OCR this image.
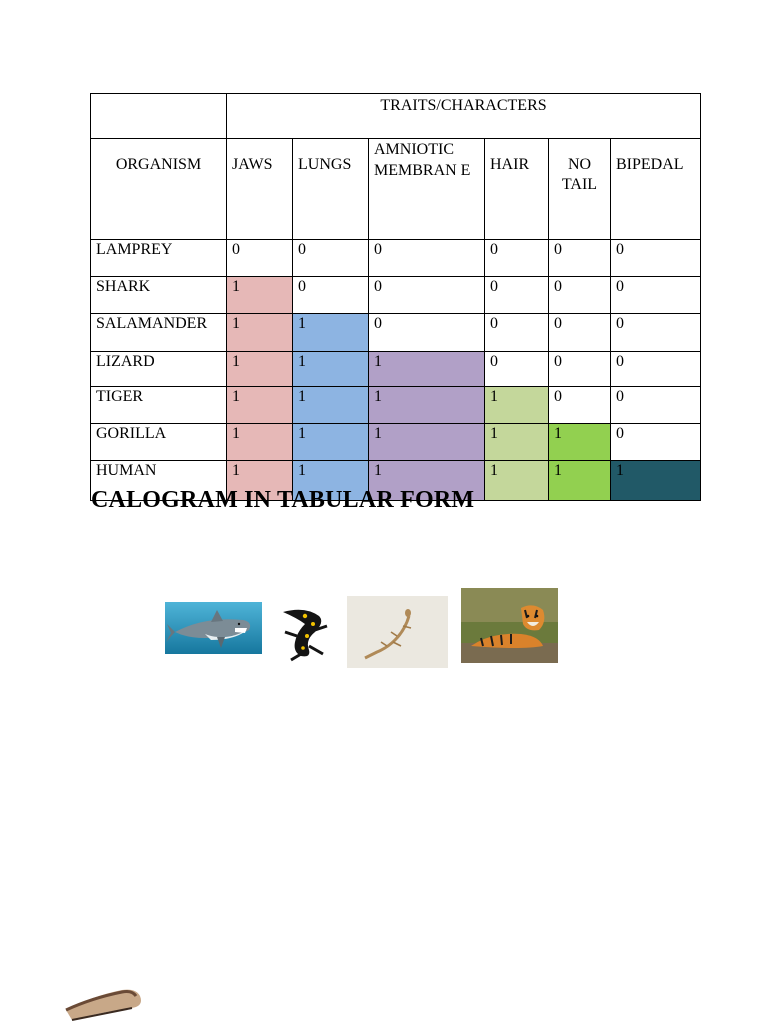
	TRAITS/CHARACTERS					

ORGANISM	JAWS	LUNGS	AMNIOTIC MEMBRAN E	HAIR	NO TAIL	BIPEDAL
LAMPREY	0	0	0	0	0	0
SHARK	1	0	0	0	0	0
SALAMANDER	1	1	0	0	0	0
LIZARD	1	1	1	0	0	0
TIGER	1	1	1	1	0	0
GORILLA	1	1	1	1	1	0
HUMAN	1	1	1	1	1	1
CALOGRAM IN TABULAR FORM
